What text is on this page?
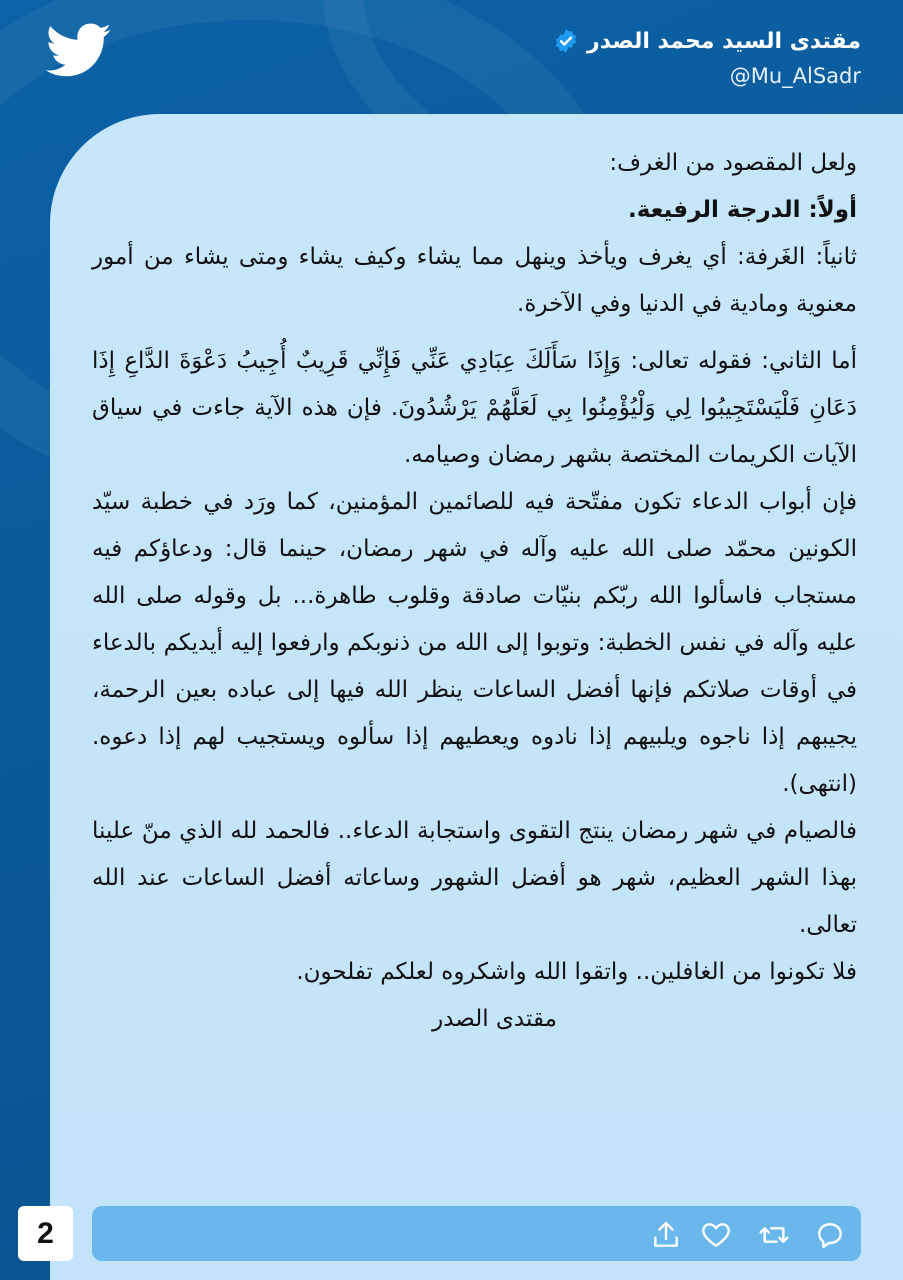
مقتدى السيد محمد الصدر
@Mu_AlSadr

ولعل المقصود من الغرف:

أولاً: الدرجة الرفيعة.

ثانياً: الغَرفة: أي يغرف ويأخذ وينهل مما يشاء وكيف يشاء ومتى يشاء من أمور معنوية ومادية في الدنيا وفي الآخرة.

أما الثاني: فقوله تعالى: وَإِذَا سَأَلَكَ عِبَادِي عَنِّي فَإِنِّي قَرِيبٌ أُجِيبُ دَعْوَةَ الدَّاعِ إِذَا دَعَانِ فَلْيَسْتَجِيبُوا لِي وَلْيُؤْمِنُوا بِي لَعَلَّهُمْ يَرْشُدُونَ. فإن هذه الآية جاءت في سياق الآيات الكريمات المختصة بشهر رمضان وصيامه.

فإن أبواب الدعاء تكون مفتّحة فيه للصائمين المؤمنين، كما ورَد في خطبة سيّد الكونين محمّد صلى الله عليه وآله في شهر رمضان، حينما قال: ودعاؤكم فيه مستجاب فاسألوا الله ربّكم بنيّات صادقة وقلوب طاهرة... بل وقوله صلى الله عليه وآله في نفس الخطبة: وتوبوا إلى الله من ذنوبكم وارفعوا إليه أيديكم بالدعاء في أوقات صلاتكم فإنها أفضل الساعات ينظر الله فيها إلى عباده بعين الرحمة، يجيبهم إذا ناجوه ويلبيهم إذا نادوه ويعطيهم إذا سألوه ويستجيب لهم إذا دعوه. (انتهى).

فالصيام في شهر رمضان ينتج التقوى واستجابة الدعاء.. فالحمد لله الذي منّ علينا بهذا الشهر العظيم، شهر هو أفضل الشهور وساعاته أفضل الساعات عند الله تعالى.

فلا تكونوا من الغافلين.. واتقوا الله واشكروه لعلكم تفلحون.

مقتدى الصدر

2
